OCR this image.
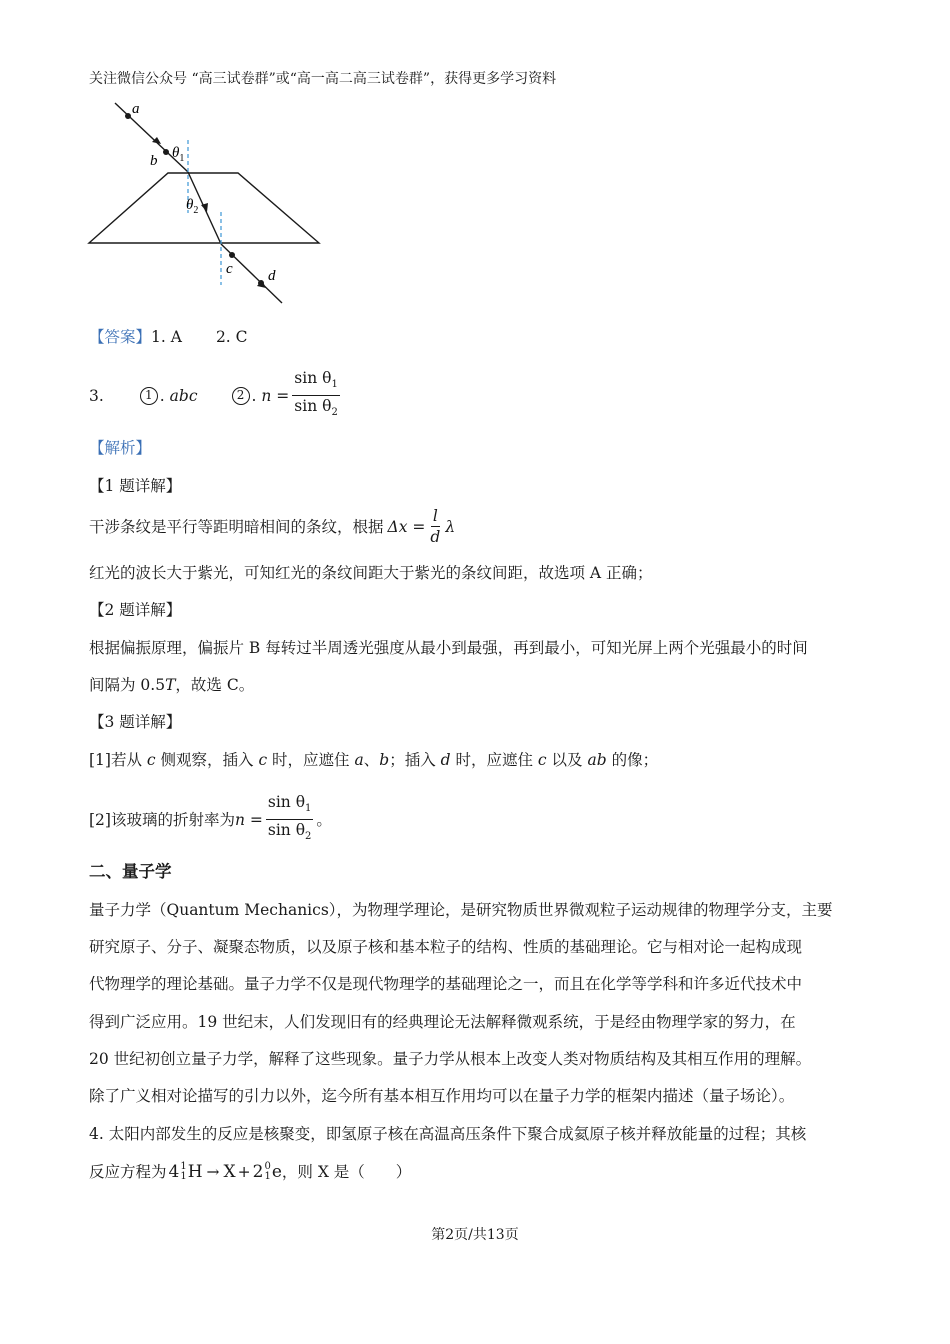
关注微信公众号 “高三试卷群”或“高一高二高三试卷群”，获得更多学习资料
a
b $\theta_1$
$\theta_2$
c d
【答案】1. A 2. C
3.	1 . abc	2 . $n = \frac{\sin \theta_1}{\sin \theta_2}$
【解析】
【1 题详解】
干涉条纹是平行等距明暗相间的条纹，根据 $\Delta x = \frac{l}{d}$ λ
红光的波长大于紫光，可知红光的条纹间距大于紫光的条纹间距，故选项 A 正确；
【2 题详解】
根据偏振原理，偏振片 B 每转过半周透光强度从最小到最强，再到最小，可知光屏上两个光强最小的时间
间隔为 0.5T，故选 C。
【3 题详解】
[1]若从 c 侧观察，插入 c 时，应遮住 a、b；插入 d 时，应遮住 c 以及 ab 的像；
[2]该玻璃的折射率为 $n = \frac{\sin \theta_1}{\sin \theta_2}$ 。
二、量子学
量子力学（Quantum Mechanics），为物理学理论，是研究物质世界微观粒子运动规律的物理学分支，主要
研究原子、分子、凝聚态物质，以及原子核和基本粒子的结构、性质的基础理论。它与相对论一起构成现
代物理学的理论基础。量子力学不仅是现代物理学的基础理论之一，而且在化学等学科和许多近代技术中
得到广泛应用。19 世纪末，人们发现旧有的经典理论无法解释微观系统，于是经由物理学家的努力，在
20 世纪初创立量子力学，解释了这些现象。量子力学从根本上改变人类对物质结构及其相互作用的理解。
除了广义相对论描写的引力以外，迄今所有基本相互作用均可以在量子力学的框架内描述（量子场论）。
4. 太阳内部发生的反应是核聚变，即氢原子核在高温高压条件下聚合成氦原子核并释放能量的过程；其核
反应方程为 4 1
1 H → X + 2 0
1 e ，则 X 是（　　）
第2页/共13页
